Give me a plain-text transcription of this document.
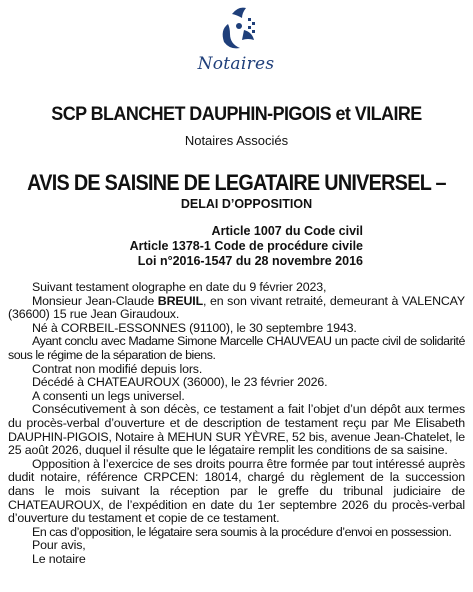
Notaires
SCP BLANCHET DAUPHIN-PIGOIS et VILAIRE
Notaires Associés
AVIS DE SAISINE DE LEGATAIRE UNIVERSEL –
DELAI D’OPPOSITION
Article 1007 du Code civil
Article 1378-1 Code de procédure civile
Loi n°2016-1547 du 28 novembre 2016

Suivant testament olographe en date du 9 février 2023,

Monsieur Jean-Claude BREUIL, en son vivant retraité, demeurant à VALENCAY (36600) 15 rue Jean Giraudoux.

Né à CORBEIL-ESSONNES (91100), le 30 septembre 1943.

Ayant conclu avec Madame Simone Marcelle CHAUVEAU un pacte civil de solidarité sous le régime de la séparation de biens.

Contrat non modifié depuis lors.

Décédé à CHATEAUROUX (36000), le 23 février 2026.

A consenti un legs universel.

Consécutivement à son décès, ce testament a fait l’objet d’un dépôt aux termes du procès-verbal d’ouverture et de description de testament reçu par Me Elisabeth DAUPHIN-PIGOIS, Notaire à MEHUN SUR YÈVRE, 52 bis, avenue Jean-Chatelet, le 25 août 2026, duquel il résulte que le légataire remplit les conditions de sa saisine.

Opposition à l’exercice de ses droits pourra être formée par tout intéressé auprès dudit notaire, référence CRPCEN: 18014, chargé du règlement de la succession dans le mois suivant la réception par le greffe du tribunal judiciaire de CHATEAUROUX, de l’expédition en date du 1er septembre 2026 du procès-verbal d’ouverture du testament et copie de ce testament.

En cas d’opposition, le légataire sera soumis à la procédure d’envoi en possession.

Pour avis,

Le notaire
